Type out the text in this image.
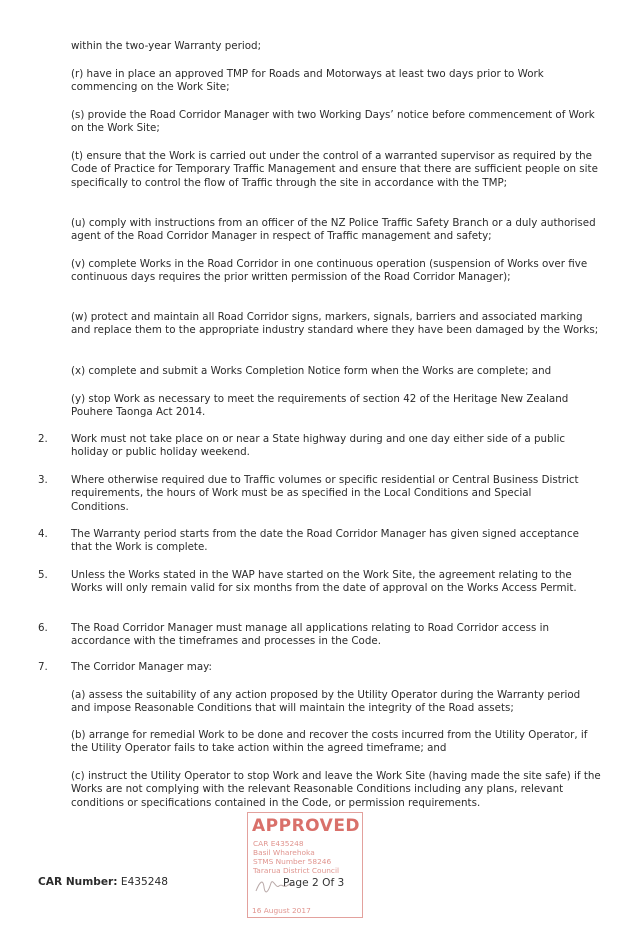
within the two-year Warranty period;

(r) have in place an approved TMP for Roads and Motorways at least two days prior to Work commencing on the Work Site;

(s) provide the Road Corridor Manager with two Working Days’ notice before commencement of Work on the Work Site;

(t) ensure that the Work is carried out under the control of a warranted supervisor as required by the Code of Practice for Temporary Traffic Management and ensure that there are sufficient people on site specifically to control the flow of Traffic through the site in accordance with the TMP;

(u) comply with instructions from an officer of the NZ Police Traffic Safety Branch or a duly authorised agent of the Road Corridor Manager in respect of Traffic management and safety;

(v) complete Works in the Road Corridor in one continuous operation (suspension of Works over five continuous days requires the prior written permission of the Road Corridor Manager);

(w) protect and maintain all Road Corridor signs, markers, signals, barriers and associated marking and replace them to the appropriate industry standard where they have been damaged by the Works;

(x) complete and submit a Works Completion Notice form when the Works are complete; and

(y) stop Work as necessary to meet the requirements of section 42 of the Heritage New Zealand Pouhere Taonga Act 2014.

2.	Work must not take place on or near a State highway during and one day either side of a public holiday or public holiday weekend.
3.	Where otherwise required due to Traffic volumes or specific residential or Central Business District requirements, the hours of Work must be as specified in the Local Conditions and Special Conditions.
4.	The Warranty period starts from the date the Road Corridor Manager has given signed acceptance that the Work is complete.
5.	Unless the Works stated in the WAP have started on the Work Site, the agreement relating to the Works will only remain valid for six months from the date of approval on the Works Access Permit.
6.	The Road Corridor Manager must manage all applications relating to Road Corridor access in accordance with the timeframes and processes in the Code.
7.	The Corridor Manager may:

(a) assess the suitability of any action proposed by the Utility Operator during the Warranty period and impose Reasonable Conditions that will maintain the integrity of the Road assets;

(b) arrange for remedial Work to be done and recover the costs incurred from the Utility Operator, if the Utility Operator fails to take action within the agreed timeframe; and

(c) instruct the Utility Operator to stop Work and leave the Work Site (having made the site safe) if the Works are not complying with the relevant Reasonable Conditions including any plans, relevant conditions or specifications contained in the Code, or permission requirements.

CAR Number: E435248
APPROVED
CAR E435248
Basil Wharehoka
STMS Number 58246
Tararua District Council
16 August 2017
Page 2 Of 3
